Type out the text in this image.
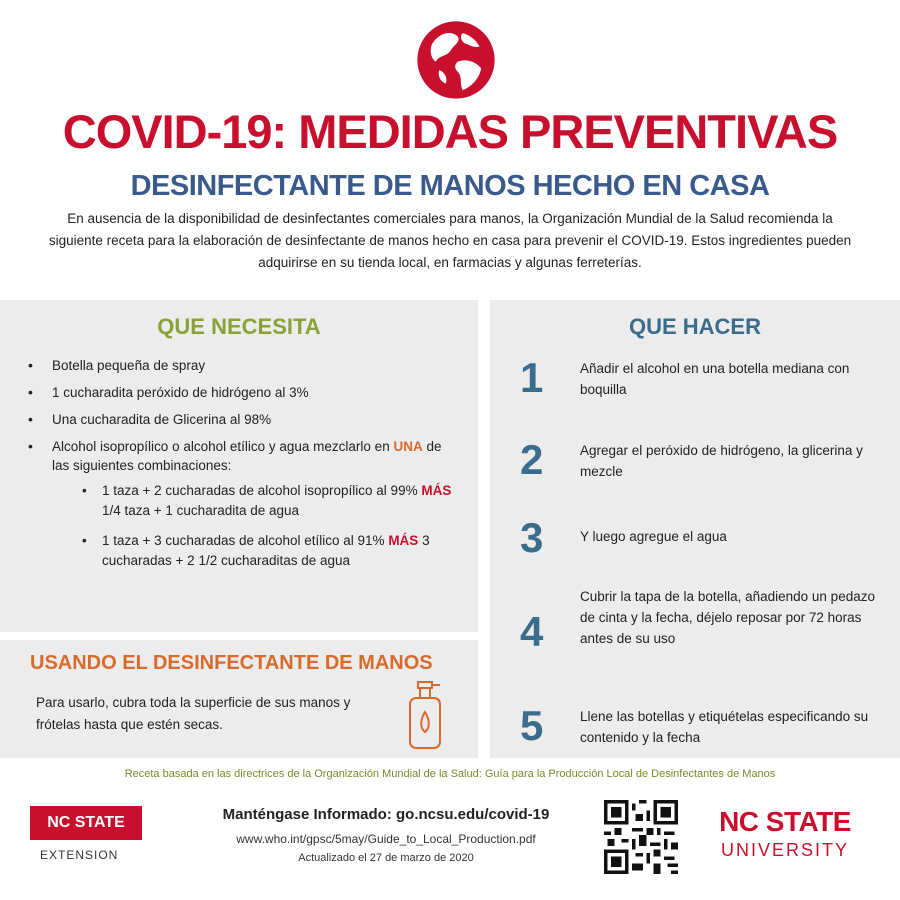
COVID-19: MEDIDAS PREVENTIVAS
DESINFECTANTE DE MANOS HECHO EN CASA
En ausencia de la disponibilidad de desinfectantes comerciales para manos, la Organización Mundial de la Salud recomienda la siguiente receta para la elaboración de desinfectante de manos hecho en casa para prevenir el COVID-19. Estos ingredientes pueden adquirirse en su tienda local, en farmacias y algunas ferreterías.
QUE NECESITA
• Botella pequeña de spray
• 1 cucharadita peróxido de hidrógeno al 3%
• Una cucharadita de Glicerina al 98%
• Alcohol isopropílico o alcohol etílico y agua mezclarlo en UNA de las siguientes combinaciones:
• 1 taza + 2 cucharadas de alcohol isopropílico al 99% MÁS 1/4 taza + 1 cucharadita de agua
• 1 taza + 3 cucharadas de alcohol etílico al 91% MÁS 3 cucharadas + 2 1/2 cucharaditas de agua
USANDO EL DESINFECTANTE DE MANOS
Para usarlo, cubra toda la superficie de sus manos y frótelas hasta que estén secas.
QUE HACER
1	Añadir el alcohol en una botella mediana con boquilla
2	Agregar el peróxido de hidrógeno, la glicerina y mezcle
3	Y luego agregue el agua
4
Cubrir la tapa de la botella, añadiendo un pedazo de cinta y la fecha, déjelo reposar por 72 horas antes de su uso
5	Llene las botellas y etiquételas especificando su contenido y la fecha
Receta basada en las directrices de la Organización Mundial de la Salud: Guía para la Producción Local de Desinfectantes de Manos
NC STATE
EXTENSION
Manténgase Informado: go.ncsu.edu/covid-19
www.who.int/gpsc/5may/Guide_to_Local_Production.pdf
Actualizado el 27 de marzo de 2020
NC STATE
UNIVERSITY
